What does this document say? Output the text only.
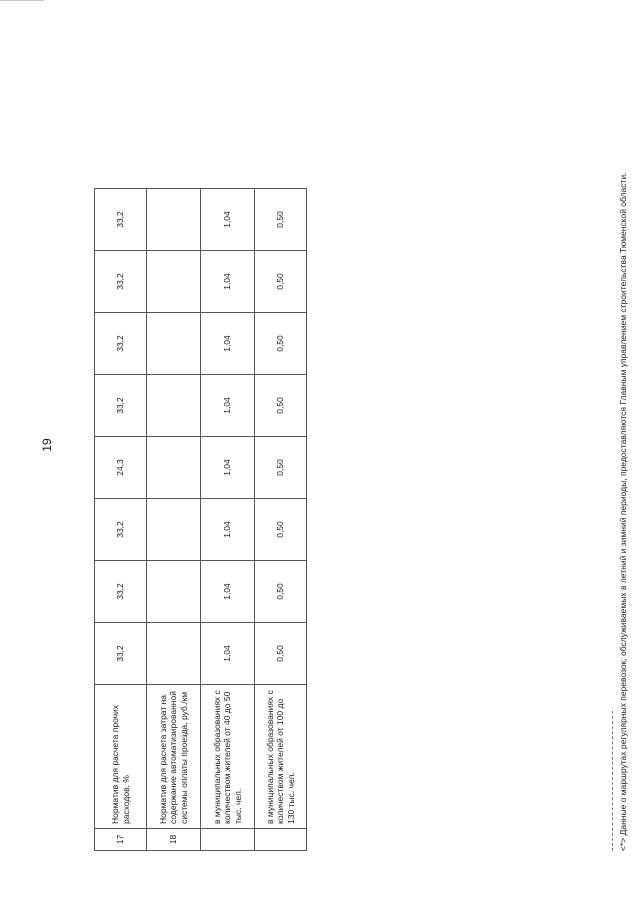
19
17	Норматив для расчета прочих расходов, %	33,2	33,2	33,2	24,3	33,2	33,2	33,2	33,2
18	Норматив для расчета затрат на содержание автоматизированной системы оплаты проезда, руб./км								
	в муниципальных образованиях с количеством жителей от 40 до 50 тыс. чел.	1,04	1,04	1,04	1,04	1,04	1,04	1,04	1,04
	в муниципальных образованиях с количеством жителей от 100 до 130 тыс. чел.	0,50	0,50	0,50	0,50	0,50	0,50	0,50	0,50	<*> Данные о маршрутах регулярных перевозок, обслуживаемых в летний и зимний периоды, предоставляются Главным управлением строительства Тюменской области.
